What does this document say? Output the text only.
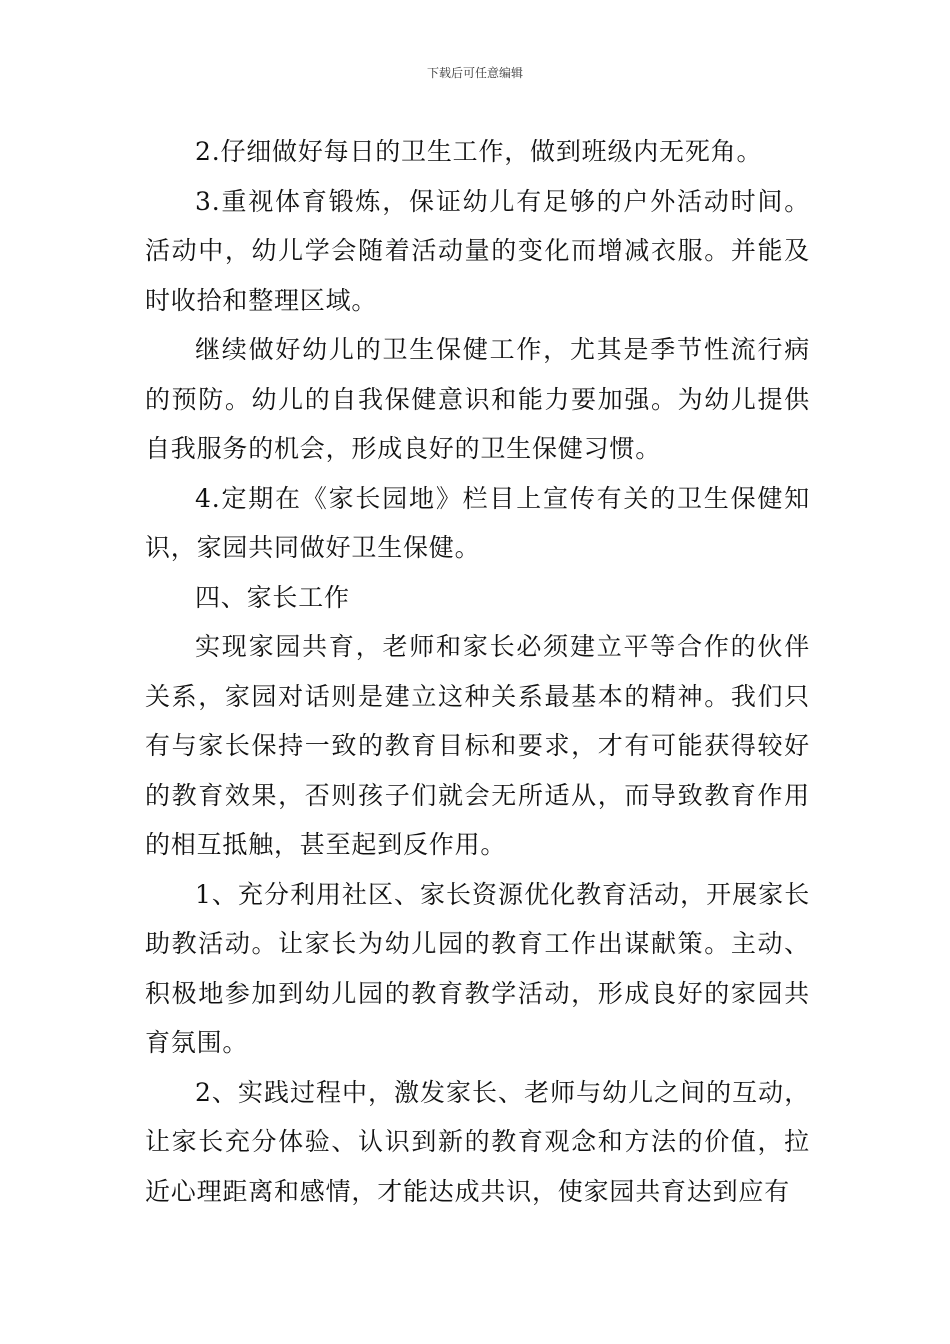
下载后可任意编辑

2.仔细做好每日的卫生工作，做到班级内无死角。

3.重视体育锻炼，保证幼儿有足够的户外活动时间。活动中，幼儿学会随着活动量的变化而增减衣服。并能及时收拾和整理区域。

继续做好幼儿的卫生保健工作，尤其是季节性流行病的预防。幼儿的自我保健意识和能力要加强。为幼儿提供自我服务的机会，形成良好的卫生保健习惯。

4.定期在《家长园地》栏目上宣传有关的卫生保健知识，家园共同做好卫生保健。

四、家长工作

实现家园共育，老师和家长必须建立平等合作的伙伴关系，家园对话则是建立这种关系最基本的精神。我们只有与家长保持一致的教育目标和要求，才有可能获得较好的教育效果，否则孩子们就会无所适从，而导致教育作用的相互抵触，甚至起到反作用。

1、充分利用社区、家长资源优化教育活动，开展家长助教活动。让家长为幼儿园的教育工作出谋献策。主动、积极地参加到幼儿园的教育教学活动，形成良好的家园共育氛围。

2、实践过程中，激发家长、老师与幼儿之间的互动，让家长充分体验、认识到新的教育观念和方法的价值，拉近心理距离和感情，才能达成共识，使家园共育达到应有
